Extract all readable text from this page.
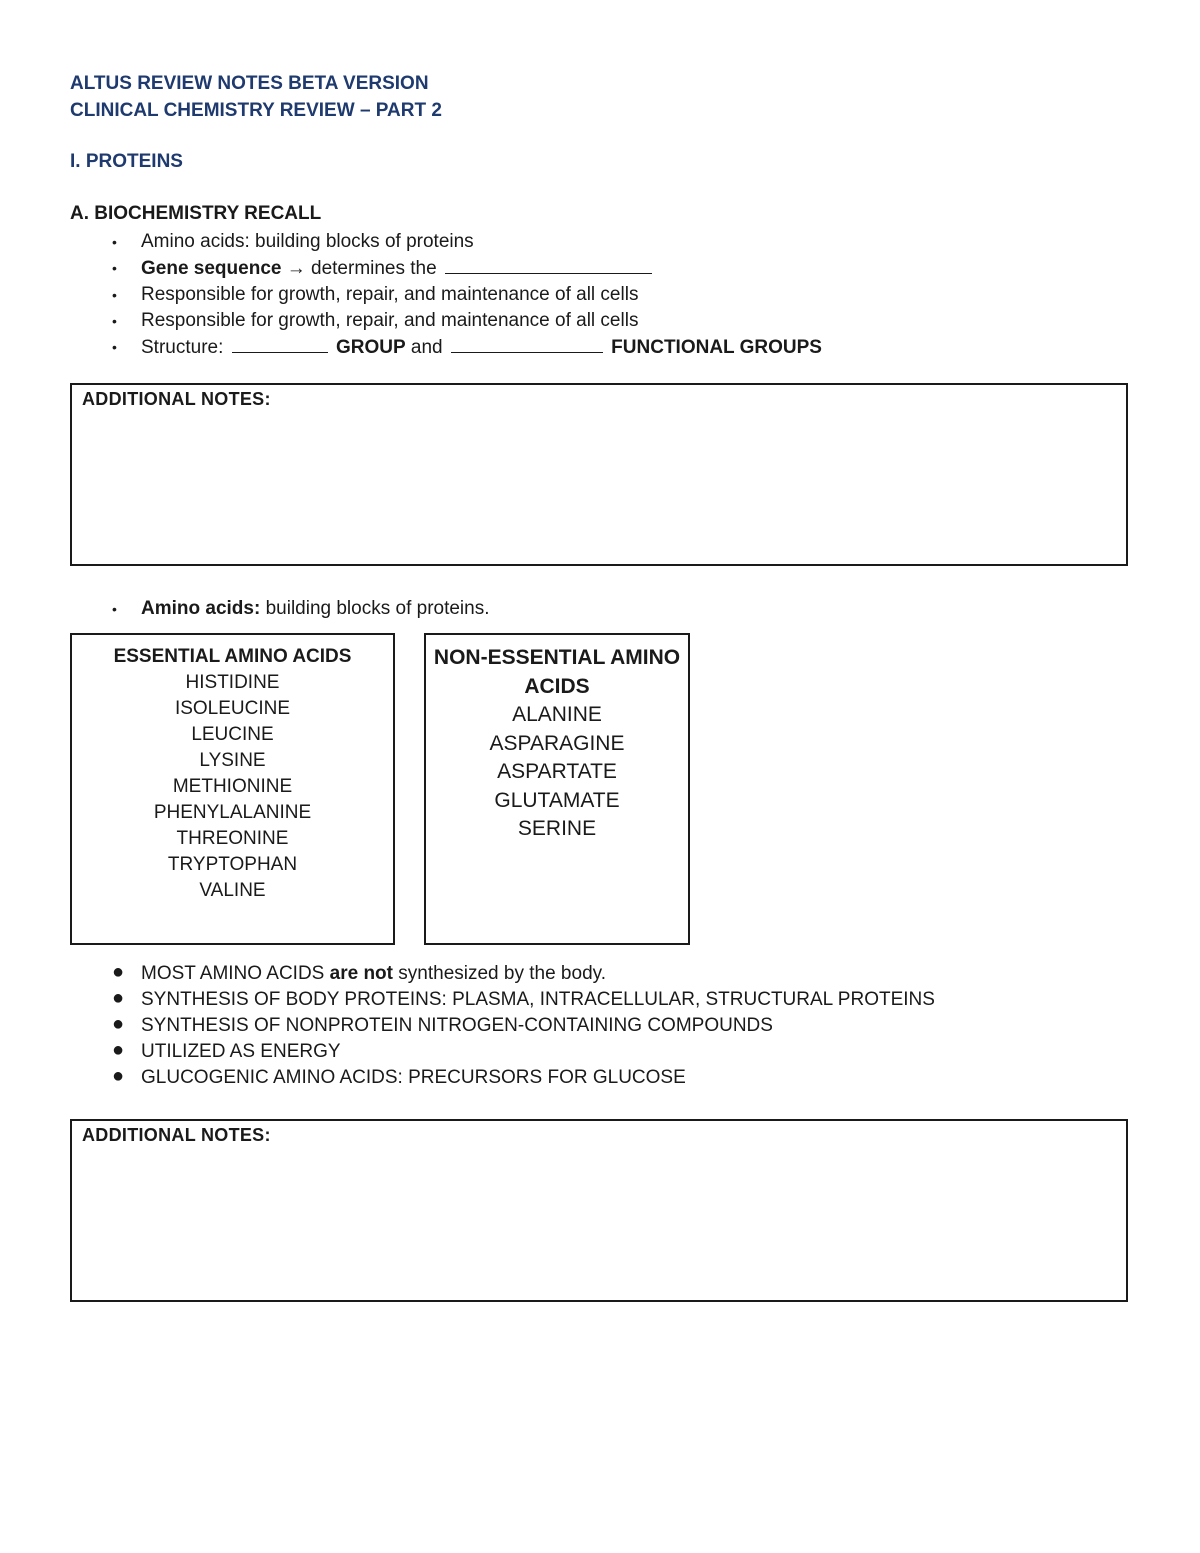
ALTUS REVIEW NOTES BETA VERSION
CLINICAL CHEMISTRY REVIEW – PART 2
I. PROTEINS
A. BIOCHEMISTRY RECALL
• Amino acids: building blocks of proteins
• Gene sequence → determines the
• Responsible for growth, repair, and maintenance of all cells
• Responsible for growth, repair, and maintenance of all cells
• Structure:	GROUP and	FUNCTIONAL GROUPS
ADDITIONAL NOTES:
• Amino acids: building blocks of proteins.
ESSENTIAL AMINO ACIDS
HISTIDINE
ISOLEUCINE
LEUCINE
LYSINE
METHIONINE
PHENYLALANINE
THREONINE
TRYPTOPHAN
VALINE
NON-ESSENTIAL AMINO
ACIDS
ALANINE
ASPARAGINE
ASPARTATE
GLUTAMATE
SERINE
● MOST AMINO ACIDS are not synthesized by the body.
● SYNTHESIS OF BODY PROTEINS: PLASMA, INTRACELLULAR, STRUCTURAL PROTEINS
● SYNTHESIS OF NONPROTEIN NITROGEN-CONTAINING COMPOUNDS
● UTILIZED AS ENERGY
● GLUCOGENIC AMINO ACIDS: PRECURSORS FOR GLUCOSE
ADDITIONAL NOTES:
